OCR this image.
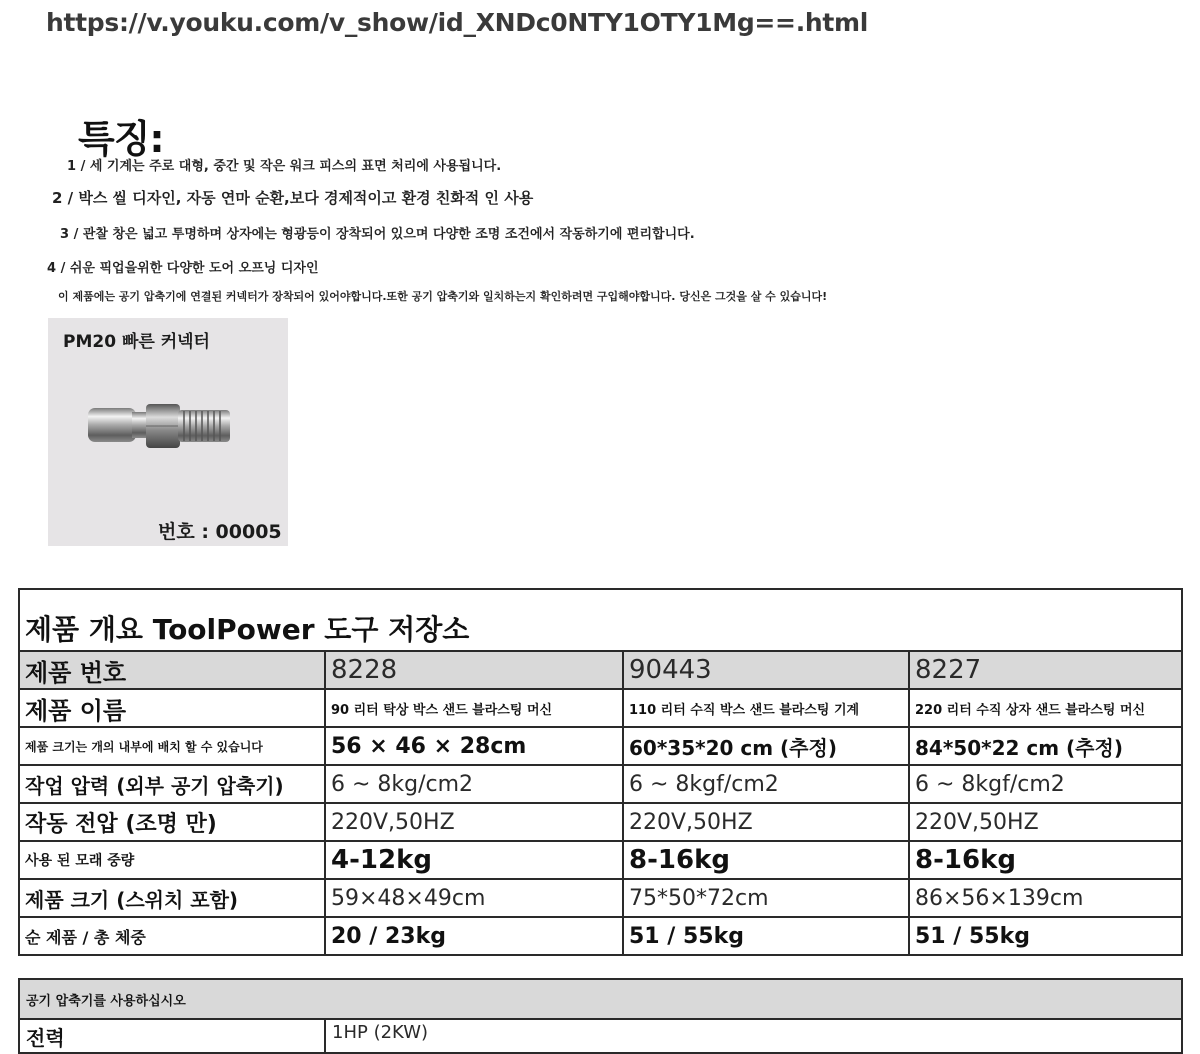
https://v.youku.com/v_show/id_XNDc0NTY1OTY1Mg==.html
특징:
1 / 세 기계는 주로 대형, 중간 및 작은 워크 피스의 표면 처리에 사용됩니다.
2 / 박스 씰 디자인, 자동 연마 순환,보다 경제적이고 환경 친화적 인 사용
3 / 관찰 창은 넓고 투명하며 상자에는 형광등이 장착되어 있으며 다양한 조명 조건에서 작동하기에 편리합니다.
4 / 쉬운 픽업을위한 다양한 도어 오프닝 디자인
이 제품에는 공기 압축기에 연결된 커넥터가 장착되어 있어야합니다.또한 공기 압축기와 일치하는지 확인하려면 구입해야합니다. 당신은 그것을 살 수 있습니다!
PM20 빠른 커넥터
번호 : 00005
제품 개요 ToolPower 도구 저장소			
제품 번호	8228	90443	8227
제품 이름	90 리터 탁상 박스 샌드 블라스팅 머신	110 리터 수직 박스 샌드 블라스팅 기계	220 리터 수직 상자 샌드 블라스팅 머신
제품 크기는 개의 내부에 배치 할 수 있습니다	56 × 46 × 28cm	60*35*20 cm (추정)	84*50*22 cm (추정)
작업 압력 (외부 공기 압축기)	6 ~ 8kg/cm2	6 ~ 8kgf/cm2	6 ~ 8kgf/cm2
작동 전압 (조명 만)	220V,50HZ	220V,50HZ	220V,50HZ
사용 된 모래 중량	4-12kg	8-16kg	8-16kg
제품 크기 (스위치 포함)	59×48×49cm	75*50*72cm	86×56×139cm
순 제품 / 총 체중	20 / 23kg	51 / 55kg	51 / 55kg
공기 압축기를 사용하십시오
전력	1HP (2KW)
